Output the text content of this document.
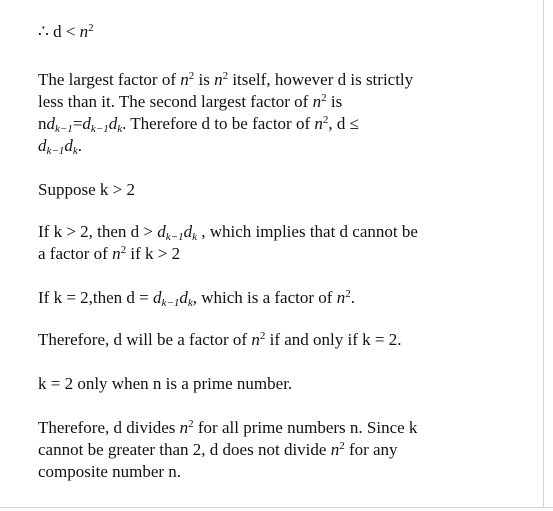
∴ $d < n^2$
The largest factor of $n^2$ is $n^2$ itself, however d is strictly
less than it. The second largest factor of $n^2$ is
$nd_{k-1}=d_{k-1}d_k$. Therefore d to be factor of $n^2$, d ≤
$d_{k-1}d_k$.
Suppose k > 2
If k > 2, then $d > d_{k-1}d_k$ , which implies that d cannot be
a factor of $n^2$ if k > 2
If k = 2,then $d = d_{k-1}d_k$, which is a factor of $n^2$.
Therefore, d will be a factor of $n^2$ if and only if k = 2.
k = 2 only when n is a prime number.
Therefore, d divides $n^2$ for all prime numbers n. Since k
cannot be greater than 2, d does not divide $n^2$ for any
composite number n.
